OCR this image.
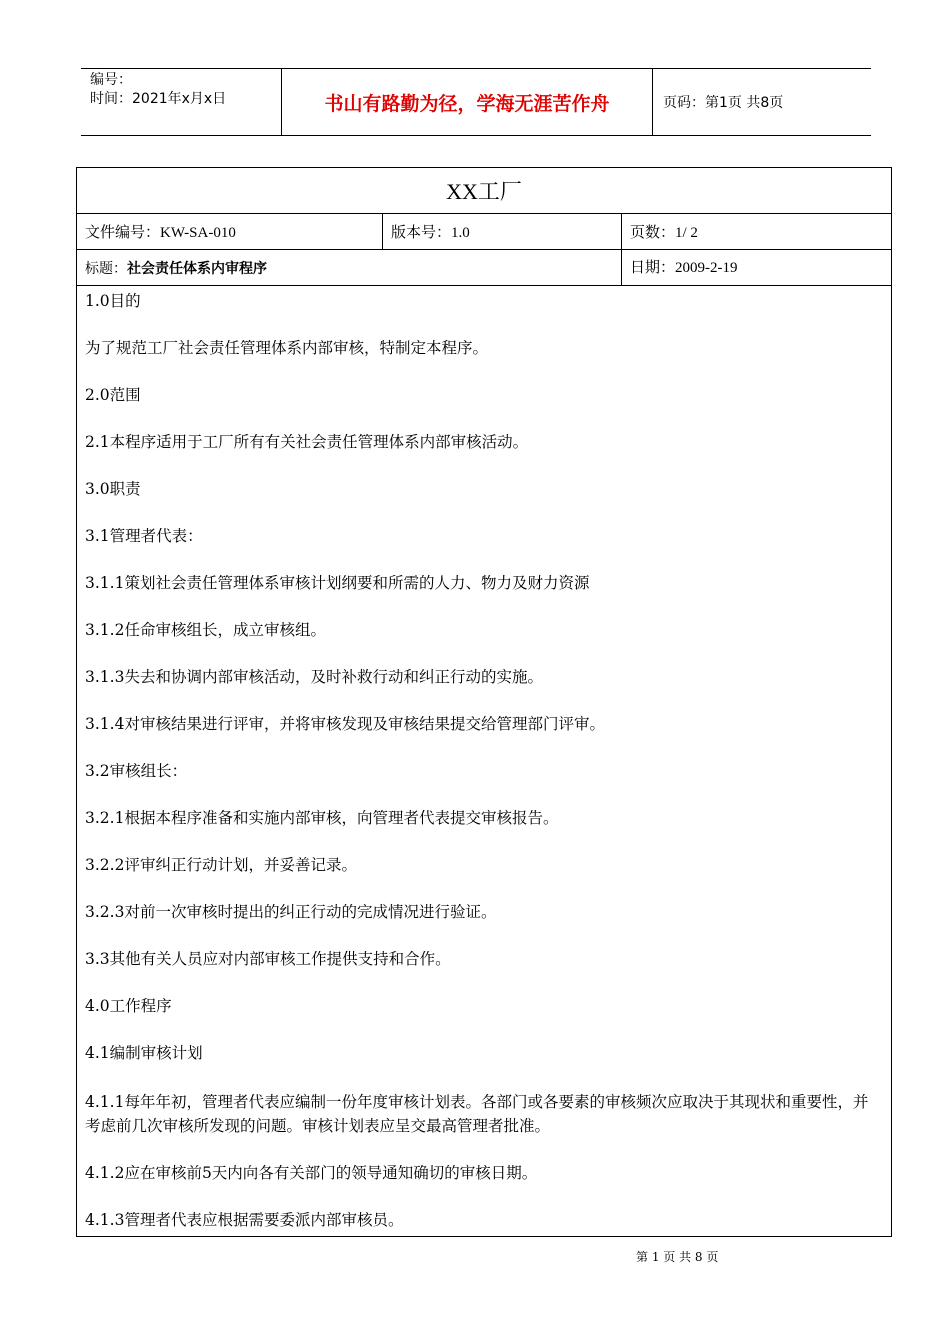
编号：
时间：2021年x月x日	书山有路勤为径，学海无涯苦作舟	页码：第1页 共8页
XX工厂
文件编号：KW-SA-010	版本号：1.0	页数：1/ 2
标题： 社会责任体系内审程序	日期：2009-2-19
1.0目的
为了规范工厂社会责任管理体系内部审核，特制定本程序。
2.0范围
2.1本程序适用于工厂所有有关社会责任管理体系内部审核活动。
3.0职责
3.1管理者代表：
3.1.1策划社会责任管理体系审核计划纲要和所需的人力、物力及财力资源
3.1.2任命审核组长，成立审核组。
3.1.3失去和协调内部审核活动，及时补救行动和纠正行动的实施。
3.1.4对审核结果进行评审，并将审核发现及审核结果提交给管理部门评审。
3.2审核组长：
3.2.1根据本程序准备和实施内部审核，向管理者代表提交审核报告。
3.2.2评审纠正行动计划，并妥善记录。
3.2.3对前一次审核时提出的纠正行动的完成情况进行验证。
3.3其他有关人员应对内部审核工作提供支持和合作。
4.0工作程序
4.1编制审核计划
4.1.1每年年初，管理者代表应编制一份年度审核计划表。各部门或各要素的审核频次应取决于其现状和重要性，并考虑前几次审核所发现的问题。审核计划表应呈交最高管理者批准。
4.1.2应在审核前5天内向各有关部门的领导通知确切的审核日期。
4.1.3管理者代表应根据需要委派内部审核员。
第 1 页 共 8 页
